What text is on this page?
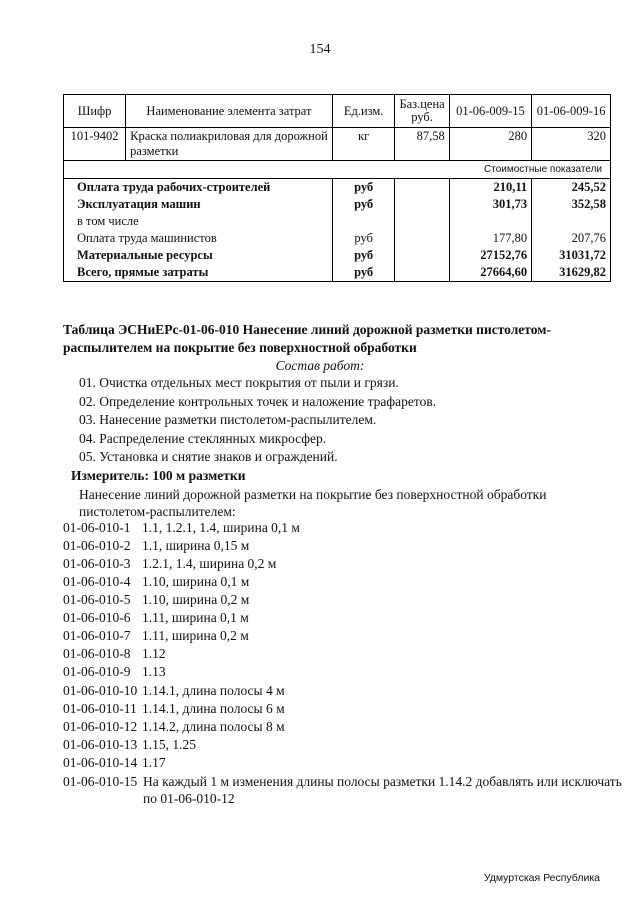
154
Шифр	Наименование элемента затрат	Ед.изм.	Баз.цена руб.	01-06-009-15	01-06-009-16
101-9402	Краска полиакриловая для дорожной разметки	кг	87,58	280	320
Стоимостные показатели					
Оплата труда рабочих-строителей		руб		210,11	245,52
Эксплуатация машин		руб		301,73	352,58
в том числе					
Оплата труда машинистов		руб		177,80	207,76
Материальные ресурсы		руб		27152,76	31031,72
Всего, прямые затраты		руб		27664,60	31629,82
Таблица ЭСНиЕРс-01-06-010 Нанесение линий дорожной разметки пистолетом-распылителем на покрытие без поверхностной обработки
Состав работ:
01. Очистка отдельных мест покрытия от пыли и грязи.
02. Определение контрольных точек и наложение трафаретов.
03. Нанесение разметки пистолетом-распылителем.
04. Распределение стеклянных микросфер.
05. Установка и снятие знаков и ограждений.
Измеритель: 100 м разметки
Нанесение линий дорожной разметки на покрытие без поверхностной обработки пистолетом-распылителем:
01-06-010-1 1.1, 1.2.1, 1.4, ширина 0,1 м
01-06-010-2 1.1, ширина 0,15 м
01-06-010-3 1.2.1, 1.4, ширина 0,2 м
01-06-010-4 1.10, ширина 0,1 м
01-06-010-5 1.10, ширина 0,2 м
01-06-010-6 1.11, ширина 0,1 м
01-06-010-7 1.11, ширина 0,2 м
01-06-010-8 1.12
01-06-010-9 1.13
01-06-010-10 1.14.1, длина полосы 4 м
01-06-010-11 1.14.1, длина полосы 6 м
01-06-010-12 1.14.2, длина полосы 8 м
01-06-010-13 1.15, 1.25
01-06-010-14 1.17
01-06-010-15 На каждый 1 м изменения длины полосы разметки 1.14.2 добавлять или исключать
по 01-06-010-12
Удмуртская Республика
